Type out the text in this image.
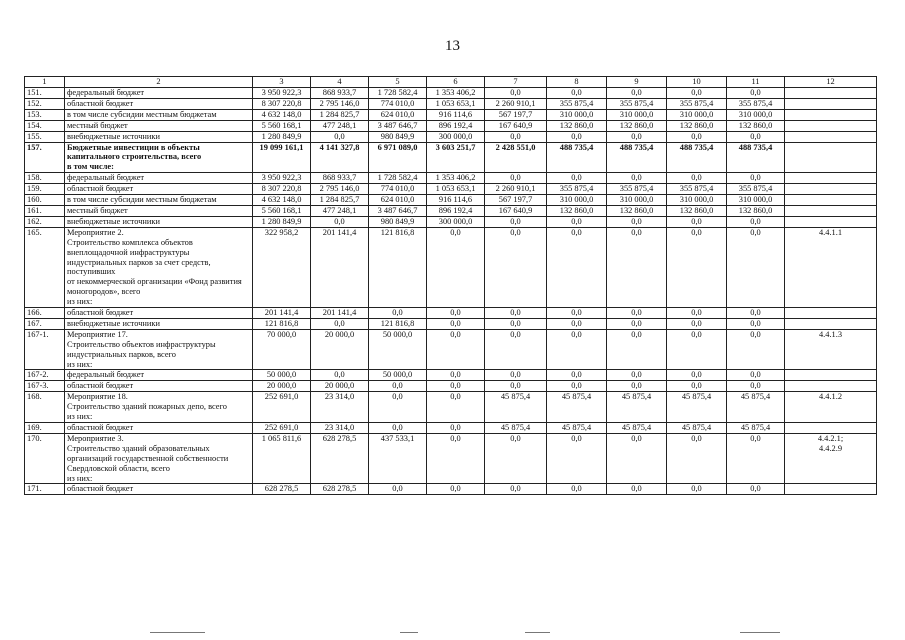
13
1	2	3	4	5	6	7	8	9	10	11	12
151.	федеральный бюджет	3 950 922,3	868 933,7	1 728 582,4	1 353 406,2	0,0	0,0	0,0	0,0	0,0	
152.	областной бюджет	8 307 220,8	2 795 146,0	774 010,0	1 053 653,1	2 260 910,1	355 875,4	355 875,4	355 875,4	355 875,4	
153.	в том числе субсидии местным бюджетам	4 632 148,0	1 284 825,7	624 010,0	916 114,6	567 197,7	310 000,0	310 000,0	310 000,0	310 000,0	
154.	местный бюджет	5 560 168,1	477 248,1	3 487 646,7	896 192,4	167 640,9	132 860,0	132 860,0	132 860,0	132 860,0	
155.	внебюджетные источники	1 280 849,9	0,0	980 849,9	300 000,0	0,0	0,0	0,0	0,0	0,0	
157.	Бюджетные инвестиции в объекты капитального строительства, всего
в том числе:	19 099 161,1	4 141 327,8	6 971 089,0	3 603 251,7	2 428 551,0	488 735,4	488 735,4	488 735,4	488 735,4	
158.	федеральный бюджет	3 950 922,3	868 933,7	1 728 582,4	1 353 406,2	0,0	0,0	0,0	0,0	0,0	
159.	областной бюджет	8 307 220,8	2 795 146,0	774 010,0	1 053 653,1	2 260 910,1	355 875,4	355 875,4	355 875,4	355 875,4	
160.	в том числе субсидии местным бюджетам	4 632 148,0	1 284 825,7	624 010,0	916 114,6	567 197,7	310 000,0	310 000,0	310 000,0	310 000,0	
161.	местный бюджет	5 560 168,1	477 248,1	3 487 646,7	896 192,4	167 640,9	132 860,0	132 860,0	132 860,0	132 860,0	
162.	внебюджетные источники	1 280 849,9	0,0	980 849,9	300 000,0	0,0	0,0	0,0	0,0	0,0	
165.	Мероприятие 2.
Строительство комплекса объектов внеплощадочной инфраструктуры индустриальных парков за счет средств, поступивших
от некоммерческой организации «Фонд развития моногородов», всего
из них:	322 958,2	201 141,4	121 816,8	0,0	0,0	0,0	0,0	0,0	0,0	4.4.1.1
166.	областной бюджет	201 141,4	201 141,4	0,0	0,0	0,0	0,0	0,0	0,0	0,0	
167.	внебюджетные источники	121 816,8	0,0	121 816,8	0,0	0,0	0,0	0,0	0,0	0,0	
167-1.	Мероприятие 17.
Строительство объектов инфраструктуры индустриальных парков, всего
из них:	70 000,0	20 000,0	50 000,0	0,0	0,0	0,0	0,0	0,0	0,0	4.4.1.3
167-2.	федеральный бюджет	50 000,0	0,0	50 000,0	0,0	0,0	0,0	0,0	0,0	0,0	
167-3.	областной бюджет	20 000,0	20 000,0	0,0	0,0	0,0	0,0	0,0	0,0	0,0	
168.	Мероприятие 18.
Строительство зданий пожарных депо, всего
из них:	252 691,0	23 314,0	0,0	0,0	45 875,4	45 875,4	45 875,4	45 875,4	45 875,4	4.4.1.2
169.	областной бюджет	252 691,0	23 314,0	0,0	0,0	45 875,4	45 875,4	45 875,4	45 875,4	45 875,4	
170.	Мероприятие 3.
Строительство зданий образовательных организаций государственной собственности Свердловской области, всего
из них:	1 065 811,6	628 278,5	437 533,1	0,0	0,0	0,0	0,0	0,0	0,0	4.4.2.1;
4.4.2.9

171.	областной бюджет	628 278,5	628 278,5	0,0	0,0	0,0	0,0	0,0	0,0	0,0	
